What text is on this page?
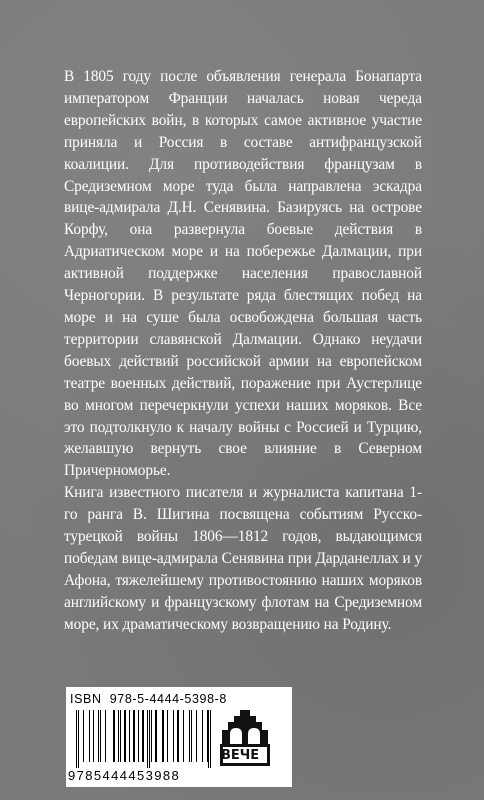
В 1805 году после объявления генерала Бонапарта императором Франции началась новая череда европейских войн, в которых самое активное участие приняла и Россия в составе антифранцузской коалиции. Для противодействия французам в Средиземном море туда была направлена эскадра вице-адмирала Д.Н. Сенявина. Базируясь на острове Корфу, она развернула боевые действия в Адриатическом море и на побережье Далмации, при активной поддержке населения православной Черногории. В результате ряда блестящих побед на море и на суше была освобождена большая часть территории славянской Далмации. Однако неудачи боевых действий российской армии на европейском театре военных действий, поражение при Аустерлице во многом перечеркнули успехи наших моряков. Все это подтолкнуло к началу войны с Россией и Турцию, желавшую вернуть свое влияние в Северном Причерноморье.

Книга известного писателя и журналиста капитана 1-го ранга В. Шигина посвящена событиям Русско-турецкой войны 1806—1812 годов, выдающимся победам вице-адмирала Сенявина при Дарданеллах и у Афона, тяжелейшему противостоянию наших моряков английскому и французскому флотам на Средиземном море, их драматическому возвращению на Родину.

ISBN 978-5-4444-5398-8
9785444453988
ВЕЧЕ
